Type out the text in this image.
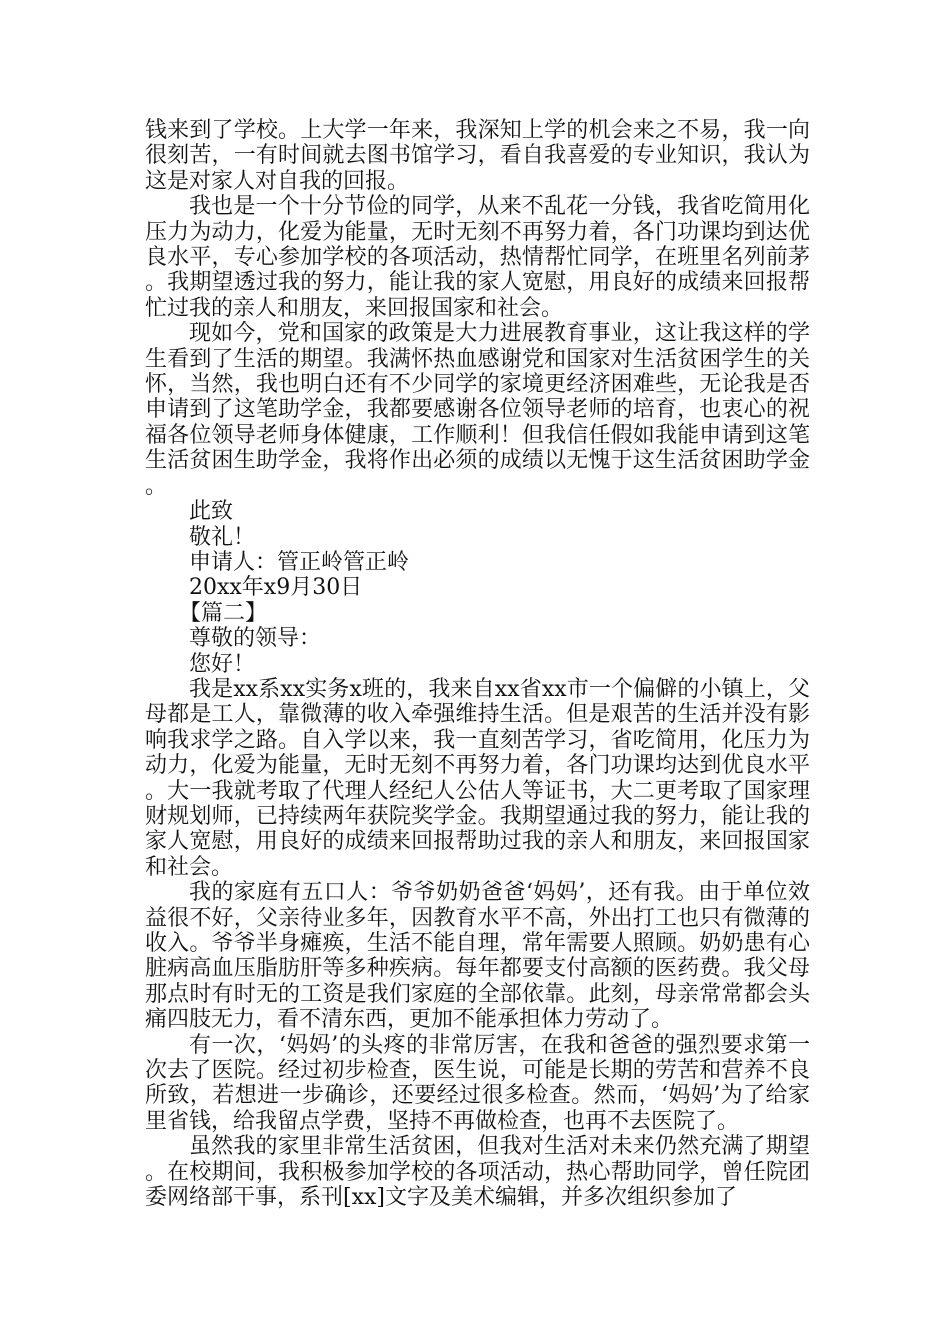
钱来到了学校。上大学一年来，我深知上学的机会来之不易，我一向很刻苦，一有时间就去图书馆学习，看自我喜爱的专业知识，我认为这是对家人对自我的回报。

我也是一个十分节俭的同学，从来不乱花一分钱，我省吃简用化压力为动力，化爱为能量，无时无刻不再努力着，各门功课均到达优良水平，专心参加学校的各项活动，热情帮忙同学，在班里名列前茅。我期望透过我的努力，能让我的家人宽慰，用良好的成绩来回报帮忙过我的亲人和朋友，来回报国家和社会。

现如今，党和国家的政策是大力进展教育事业，这让我这样的学生看到了生活的期望。我满怀热血感谢党和国家对生活贫困学生的关怀，当然，我也明白还有不少同学的家境更经济困难些，无论我是否申请到了这笔助学金，我都要感谢各位领导老师的培育，也衷心的祝福各位领导老师身体健康，工作顺利！但我信任假如我能申请到这笔生活贫困生助学金，我将作出必须的成绩以无愧于这生活贫困助学金。

此致

敬礼！

申请人：管正岭管正岭

20xx年x9月30日

【篇二】

尊敬的领导：

您好！

我是xx系xx实务x班的，我来自xx省xx市一个偏僻的小镇上，父母都是工人，靠微薄的收入牵强维持生活。但是艰苦的生活并没有影响我求学之路。自入学以来，我一直刻苦学习，省吃简用，化压力为动力，化爱为能量，无时无刻不再努力着，各门功课均达到优良水平。大一我就考取了代理人经纪人公估人等证书，大二更考取了国家理财规划师，已持续两年获院奖学金。我期望通过我的努力，能让我的家人宽慰，用良好的成绩来回报帮助过我的亲人和朋友，来回报国家和社会。

我的家庭有五口人：爷爷奶奶爸爸‘妈妈’，还有我。由于单位效益很不好，父亲待业多年，因教育水平不高，外出打工也只有微薄的收入。爷爷半身瘫痪，生活不能自理，常年需要人照顾。奶奶患有心脏病高血压脂肪肝等多种疾病。每年都要支付高额的医药费。我父母那点时有时无的工资是我们家庭的全部依靠。此刻，母亲常常都会头痛四肢无力，看不清东西，更加不能承担体力劳动了。

有一次，‘妈妈’的头疼的非常厉害，在我和爸爸的强烈要求第一次去了医院。经过初步检查，医生说，可能是长期的劳苦和营养不良所致，若想进一步确诊，还要经过很多检查。然而，‘妈妈’为了给家里省钱，给我留点学费，坚持不再做检查，也再不去医院了。

虽然我的家里非常生活贫困，但我对生活对未来仍然充满了期望。在校期间，我积极参加学校的各项活动，热心帮助同学，曾任院团委网络部干事，系刊[xx]文字及美术编辑，并多次组织参加了
